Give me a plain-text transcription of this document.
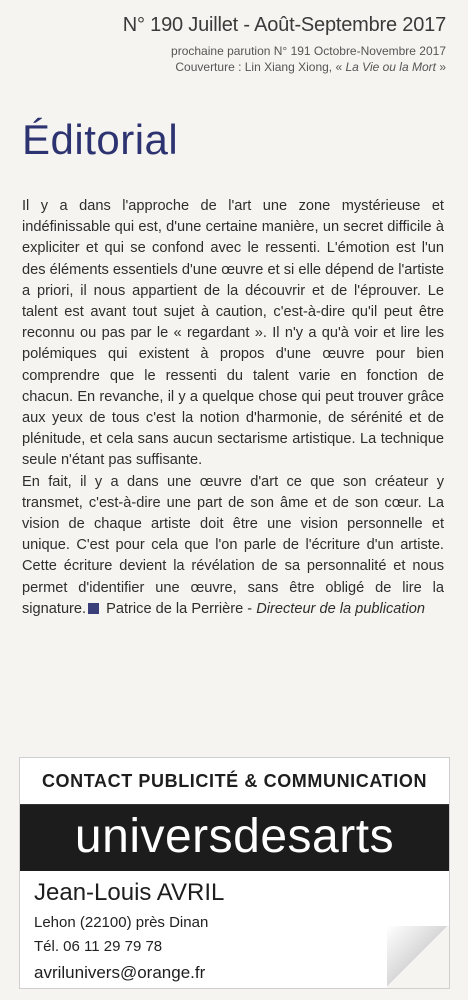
N° 190 Juillet - Août-Septembre 2017
prochaine parution N° 191 Octobre-Novembre 2017
Couverture : Lin Xiang Xiong, « La Vie ou la Mort »
Éditorial

Il y a dans l'approche de l'art une zone mystérieuse et indéfinissable qui est, d'une certaine manière, un secret difficile à expliciter et qui se confond avec le ressenti. L'émotion est l'un des éléments essentiels d'une œuvre et si elle dépend de l'artiste a priori, il nous appartient de la découvrir et de l'éprouver. Le talent est avant tout sujet à caution, c'est-à-dire qu'il peut être reconnu ou pas par le « regardant ». Il n'y a qu'à voir et lire les polémiques qui existent à propos d'une œuvre pour bien comprendre que le ressenti du talent varie en fonction de chacun. En revanche, il y a quelque chose qui peut trouver grâce aux yeux de tous c'est la notion d'harmonie, de sérénité et de plénitude, et cela sans aucun sectarisme artistique. La technique seule n'étant pas suffisante.

En fait, il y a dans une œuvre d'art ce que son créateur y transmet, c'est-à-dire une part de son âme et de son cœur. La vision de chaque artiste doit être une vision personnelle et unique. C'est pour cela que l'on parle de l'écriture d'un artiste. Cette écriture devient la révélation de sa personnalité et nous permet d'identifier une œuvre, sans être obligé de lire la signature. Patrice de la Perrière - Directeur de la publication

CONTACT PUBLICITÉ & COMMUNICATION
universdesarts
Jean-Louis AVRIL
Lehon (22100) près Dinan
Tél. 06 11 29 79 78
avrilunivers@orange.fr
